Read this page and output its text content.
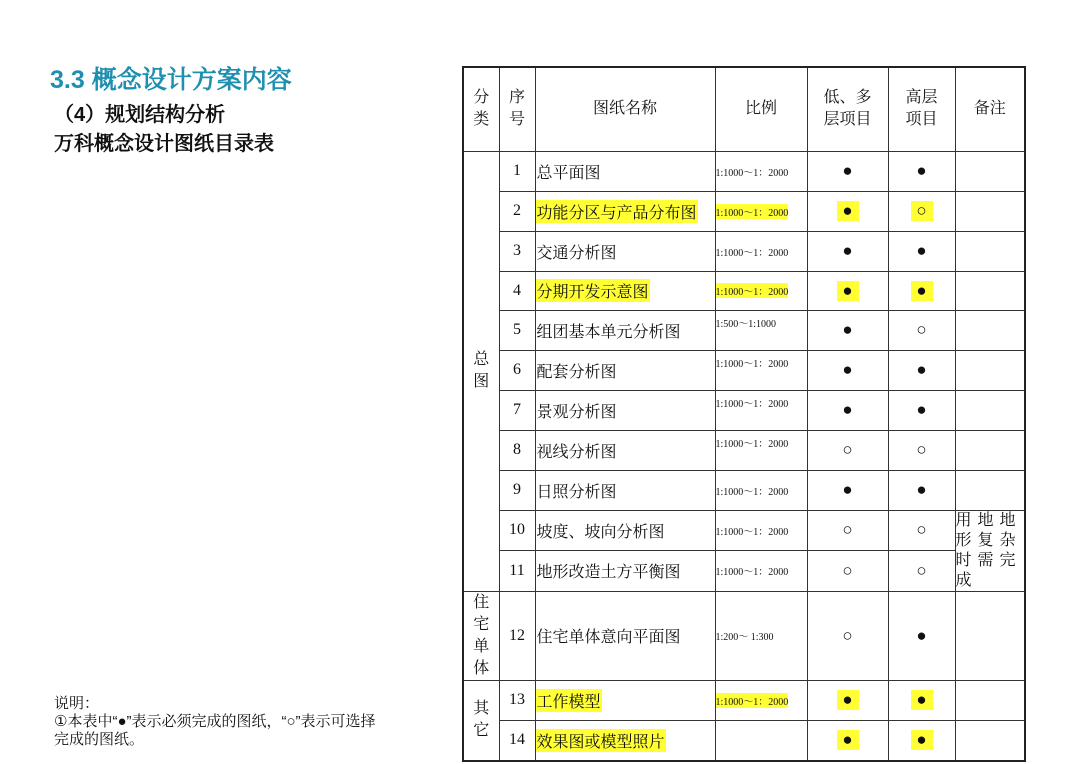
3.3 概念设计方案内容
（4）规划结构分析
万科概念设计图纸目录表
说明：
①本表中“●”表示必须完成的图纸，“○”表示可选择
完成的图纸。
分类	序号	图纸名称	比例	低、多层项目	高层项目	备注
总图	1	总平面图	1:1000～1：2000	●	●	
	2	功能分区与产品分布图	1:1000～1：2000	●	○	
	3	交通分析图	1:1000～1：2000	●	●	
	4	分期开发示意图	1:1000～1：2000	●	●	
	5	组团基本单元分析图	1:500～1:1000	●	○	
	6	配套分析图	1:1000～1：2000	●	●	
	7	景观分析图	1:1000～1：2000	●	●	
	8	视线分析图	1:1000～1：2000	○	○	
	9	日照分析图	1:1000～1：2000	●	●	
	10	坡度、坡向分析图	1:1000～1：2000	○	○	用地地形复杂时需完成
	11	地形改造土方平衡图	1:1000～1：2000	○	○	
住宅单体	12	住宅单体意向平面图	1:200～ 1:300	○	●	
其它	13	工作模型	1:1000～1：2000	●	●	
	14	效果图或模型照片		●	●	
